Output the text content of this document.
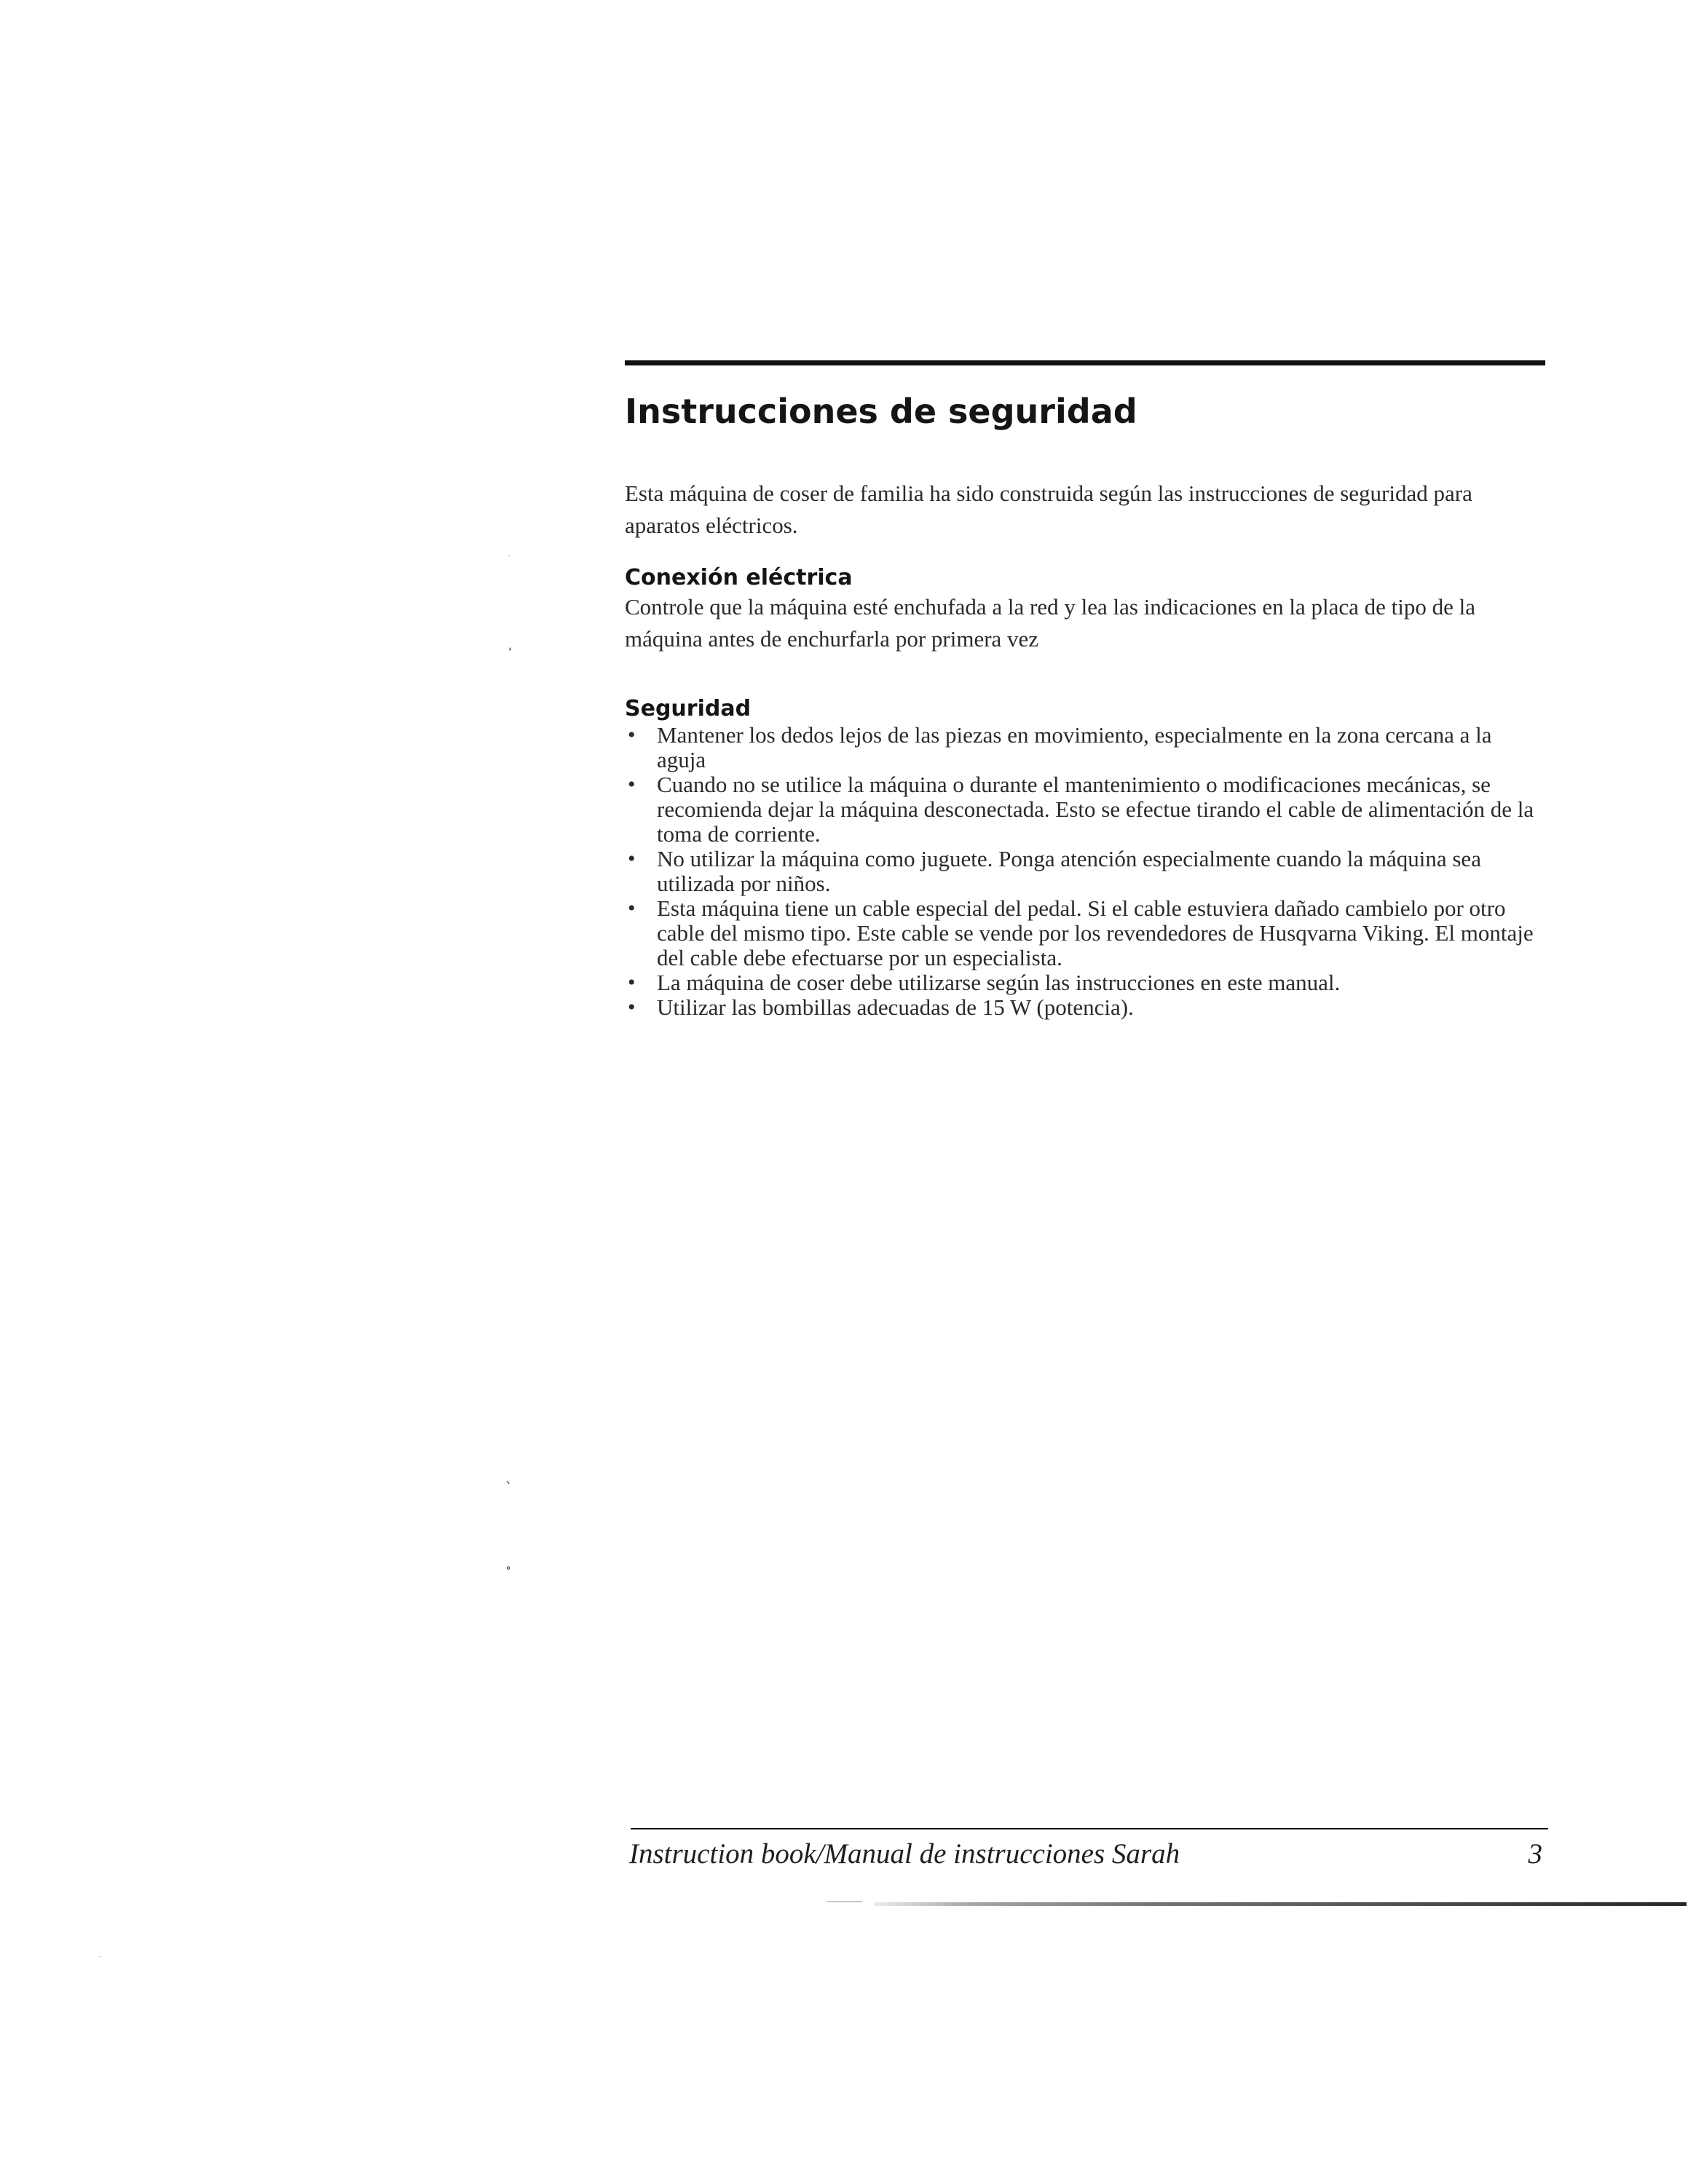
Instrucciones de seguridad
Esta máquina de coser de familia ha sido construida según las instrucciones de seguridad para aparatos eléctricos.
Conexión eléctrica
Controle que la máquina esté enchufada a la red y lea las indicaciones en la placa de tipo de la máquina antes de enchurfarla por primera vez
Seguridad
• Mantener los dedos lejos de las piezas en movimiento, especialmente en la zona cercana a la aguja
• Cuando no se utilice la máquina o durante el mantenimiento o modificaciones mecánicas, se recomienda dejar la máquina desconectada. Esto se efectue tirando el cable de alimentación de la toma de corriente.
• No utilizar la máquina como juguete. Ponga atención especialmente cuando la máquina sea utilizada por niños.
• Esta máquina tiene un cable especial del pedal. Si el cable estuviera dañado cambielo por otro cable del mismo tipo. Este cable se vende por los revendedores de Husqvarna Viking. El montaje del cable debe efectuarse por un especialista.
• La máquina de coser debe utilizarse según las instrucciones en este manual.
• Utilizar las bombillas adecuadas de 15 W (potencia).
Instruction book/Manual de instrucciones Sarah	3
·
‘
ˎ
˚
·
